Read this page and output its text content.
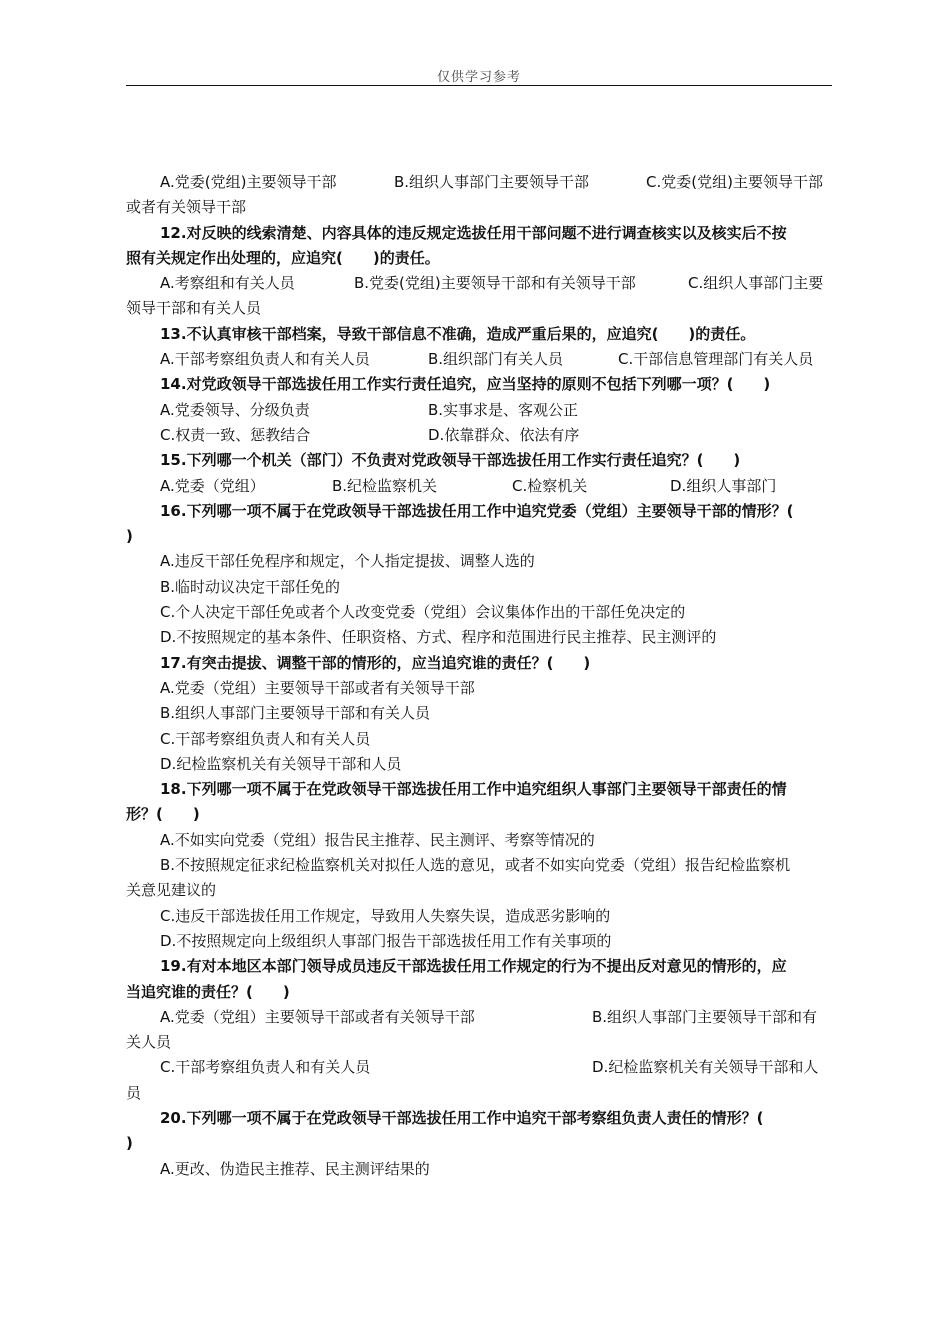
仅供学习参考
A.党委(党组)主要领导干部	B.组织人事部门主要领导干部	C.党委(党组)主要领导干部
或者有关领导干部
12.对反映的线索清楚、内容具体的违反规定选拔任用干部问题不进行调查核实以及核实后不按
照有关规定作出处理的，应追究(　　)的责任。
A.考察组和有关人员	B.党委(党组)主要领导干部和有关领导干部	C.组织人事部门主要
领导干部和有关人员
13.不认真审核干部档案，导致干部信息不准确，造成严重后果的，应追究(　　)的责任。
A.干部考察组负责人和有关人员	B.组织部门有关人员	C.干部信息管理部门有关人员
14.对党政领导干部选拔任用工作实行责任追究，应当坚持的原则不包括下列哪一项？(　　)
A.党委领导、分级负责	B.实事求是、客观公正
C.权责一致、惩教结合	D.依靠群众、依法有序
15.下列哪一个机关（部门）不负责对党政领导干部选拔任用工作实行责任追究？(　　)
A.党委（党组）	B.纪检监察机关	C.检察机关	D.组织人事部门
16.下列哪一项不属于在党政领导干部选拔任用工作中追究党委（党组）主要领导干部的情形？(
)
A.违反干部任免程序和规定，个人指定提拔、调整人选的
B.临时动议决定干部任免的
C.个人决定干部任免或者个人改变党委（党组）会议集体作出的干部任免决定的
D.不按照规定的基本条件、任职资格、方式、程序和范围进行民主推荐、民主测评的
17.有突击提拔、调整干部的情形的，应当追究谁的责任？(　　)
A.党委（党组）主要领导干部或者有关领导干部
B.组织人事部门主要领导干部和有关人员
C.干部考察组负责人和有关人员
D.纪检监察机关有关领导干部和人员
18.下列哪一项不属于在党政领导干部选拔任用工作中追究组织人事部门主要领导干部责任的情
形？(　　)
A.不如实向党委（党组）报告民主推荐、民主测评、考察等情况的
B.不按照规定征求纪检监察机关对拟任人选的意见，或者不如实向党委（党组）报告纪检监察机
关意见建议的
C.违反干部选拔任用工作规定，导致用人失察失误，造成恶劣影响的
D.不按照规定向上级组织人事部门报告干部选拔任用工作有关事项的
19.有对本地区本部门领导成员违反干部选拔任用工作规定的行为不提出反对意见的情形的，应
当追究谁的责任？(　　)
A.党委（党组）主要领导干部或者有关领导干部	B.组织人事部门主要领导干部和有
关人员
C.干部考察组负责人和有关人员	D.纪检监察机关有关领导干部和人
员
20.下列哪一项不属于在党政领导干部选拔任用工作中追究干部考察组负责人责任的情形？(
)
A.更改、伪造民主推荐、民主测评结果的
